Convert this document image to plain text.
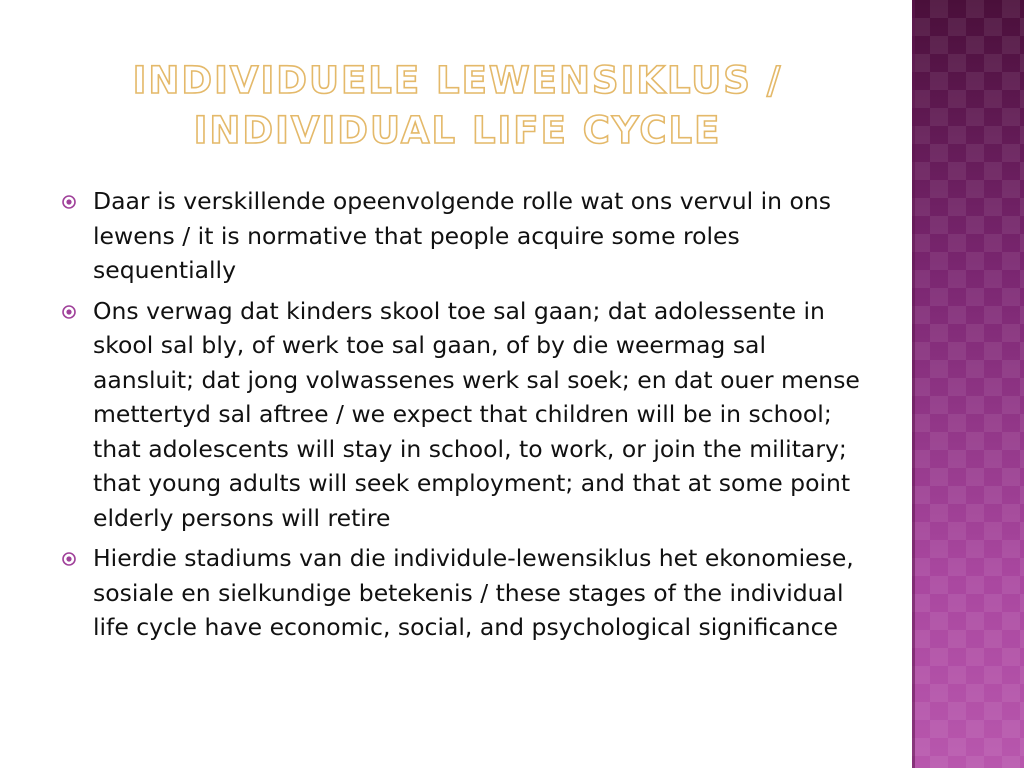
INDIVIDUELE LEWENSIKLUS /
INDIVIDUAL LIFE CYCLE
Daar is verskillende opeenvolgende rolle wat ons vervul in ons lewens / it is normative that people acquire some roles sequentially
Ons verwag dat kinders skool toe sal gaan; dat adolessente in skool sal bly, of werk toe sal gaan, of by die weermag sal aansluit; dat jong volwassenes werk sal soek; en dat ouer mense mettertyd sal aftree / we expect that children will be in school; that adolescents will stay in school, to work, or join the military; that young adults will seek employment; and that at some point elderly persons will retire
Hierdie stadiums van die individule-lewensiklus het ekonomiese, sosiale en sielkundige betekenis / these stages of the individual life cycle have economic, social, and psychological significance
